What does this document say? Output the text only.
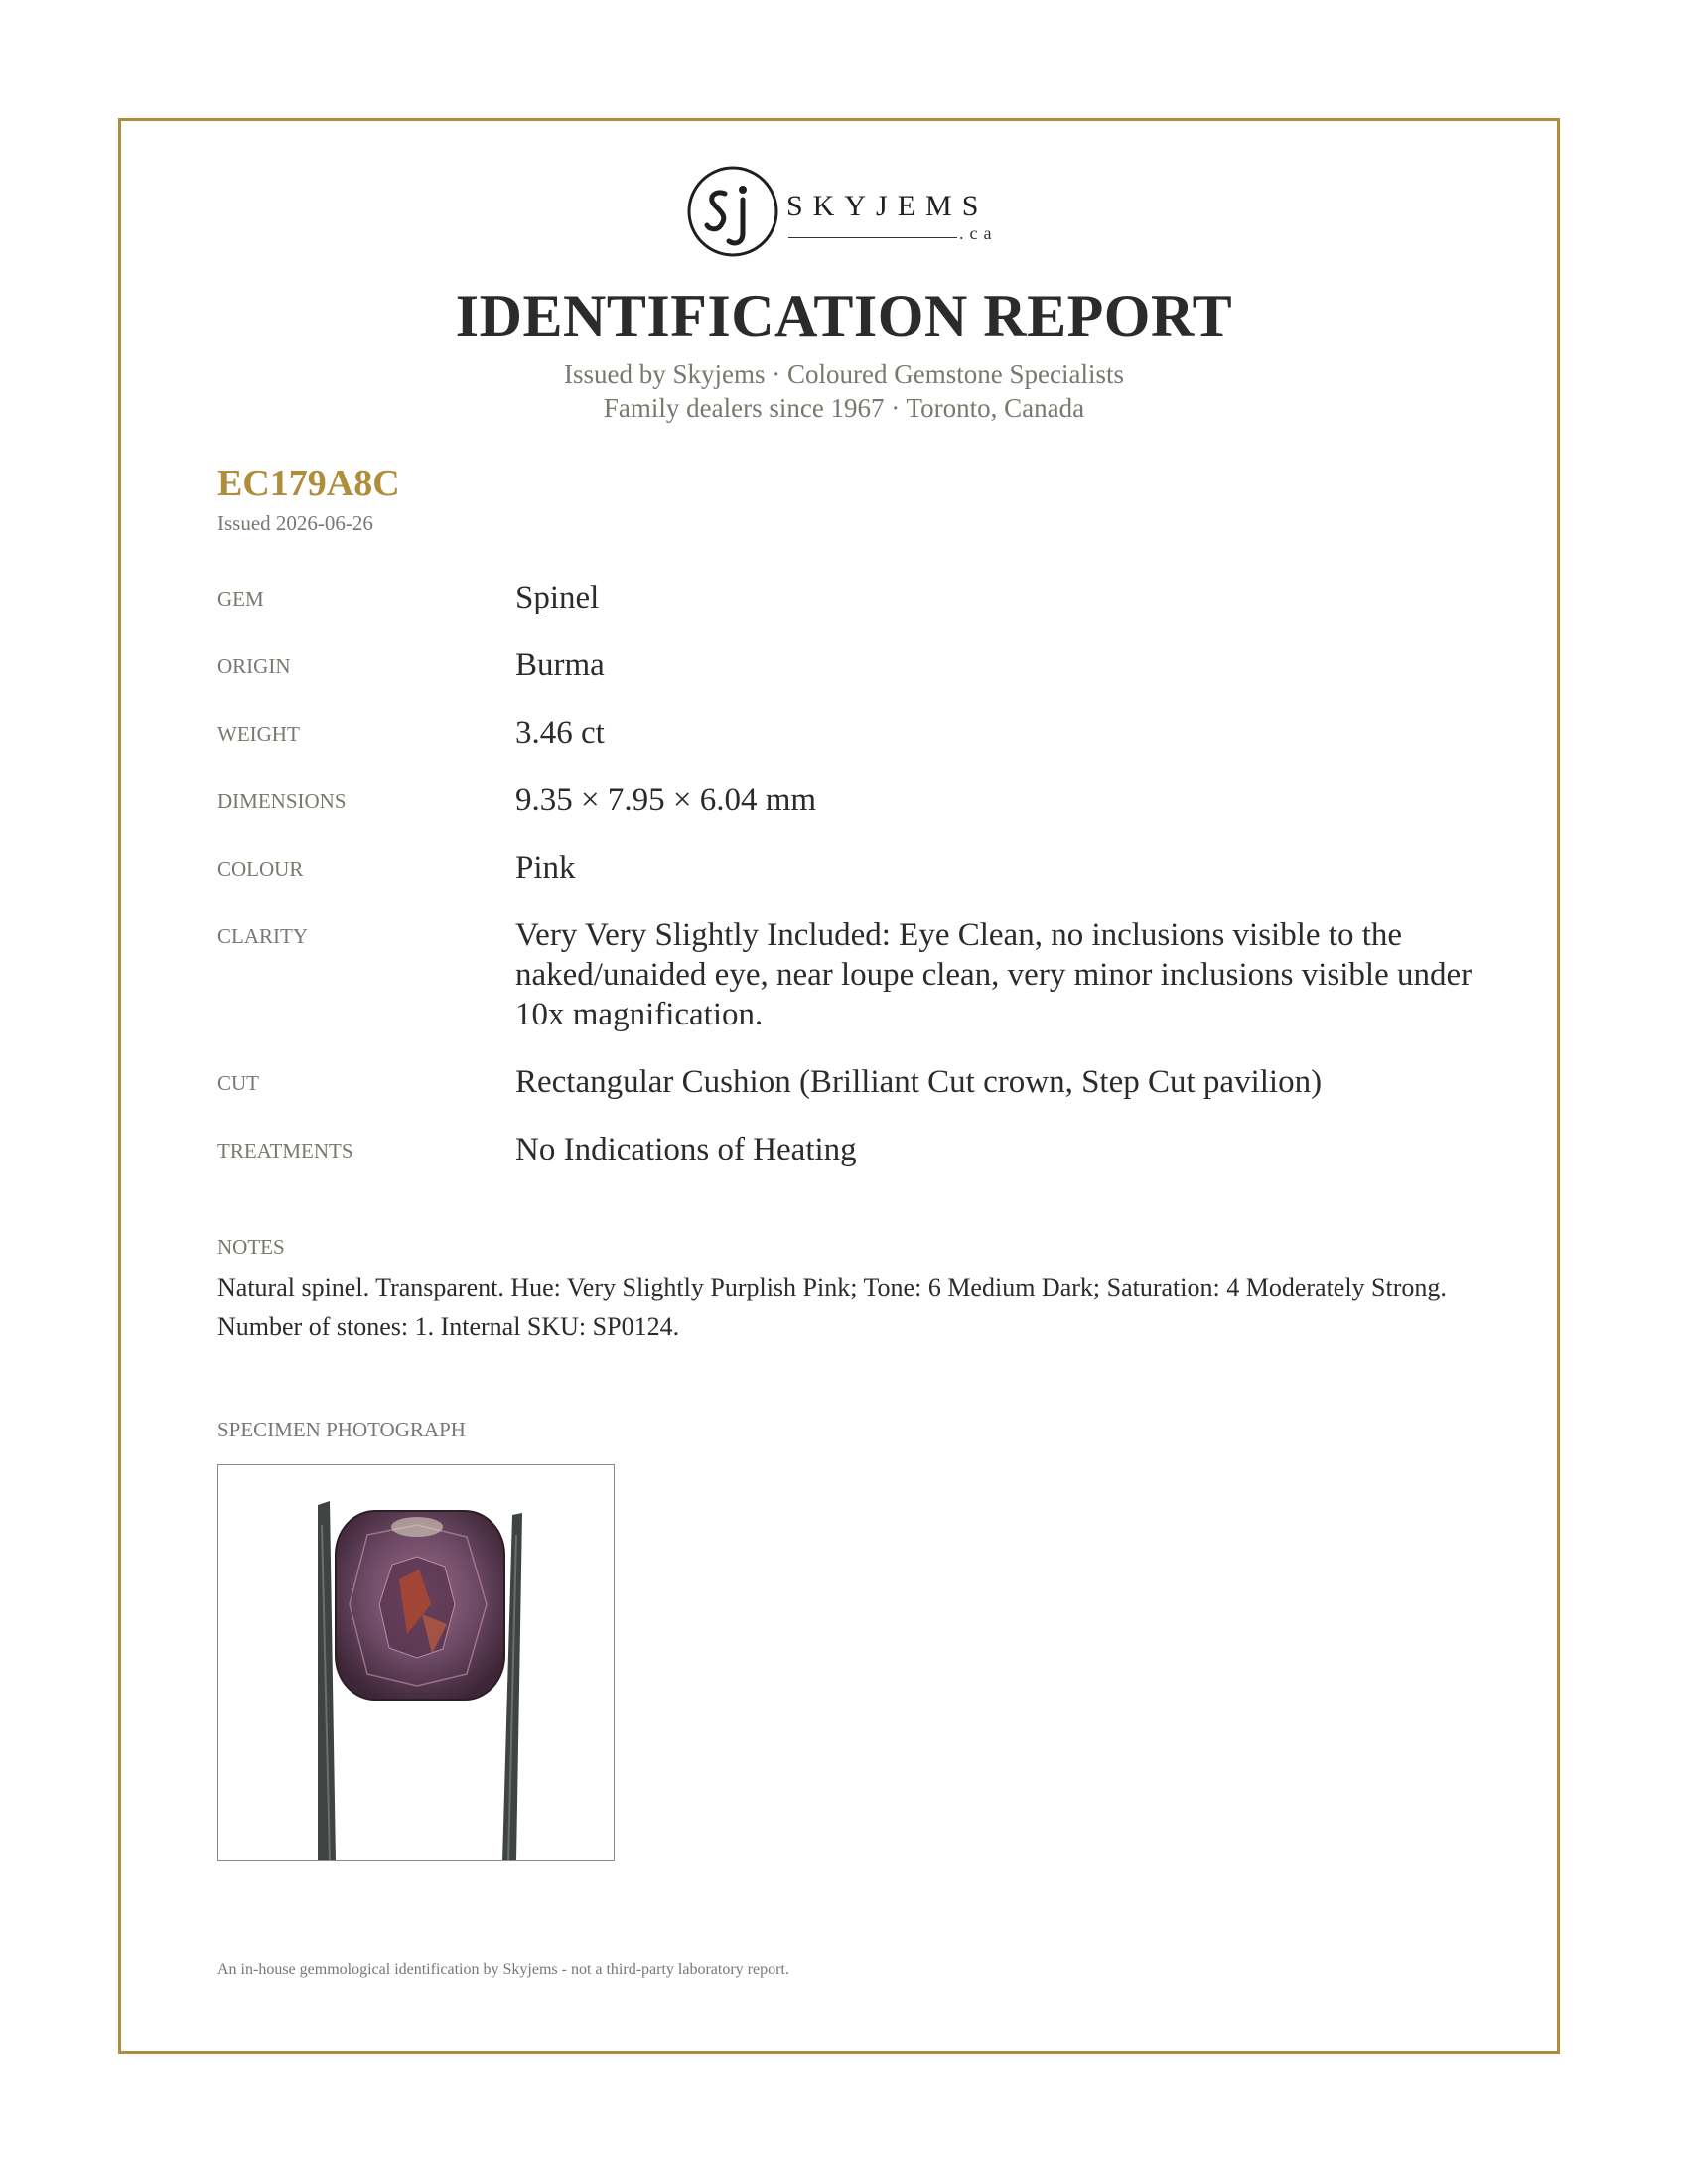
SKYJEMS
.ca
IDENTIFICATION REPORT
Issued by Skyjems · Coloured Gemstone Specialists
Family dealers since 1967 · Toronto, Canada
EC179A8C
Issued 2026-06-26
GEM	Spinel
ORIGIN	Burma
WEIGHT	3.46 ct
DIMENSIONS	9.35 × 7.95 × 6.04 mm
COLOUR	Pink
CLARITY	Very Very Slightly Included: Eye Clean, no inclusions visible to the naked/unaided eye, near loupe clean, very minor inclusions visible under 10x magnification.
CUT	Rectangular Cushion (Brilliant Cut crown, Step Cut pavilion)
TREATMENTS	No Indications of Heating
NOTES
Natural spinel. Transparent. Hue: Very Slightly Purplish Pink; Tone: 6 Medium Dark; Saturation: 4 Moderately Strong. Number of stones: 1. Internal SKU: SP0124.
SPECIMEN PHOTOGRAPH
An in-house gemmological identification by Skyjems - not a third-party laboratory report.
